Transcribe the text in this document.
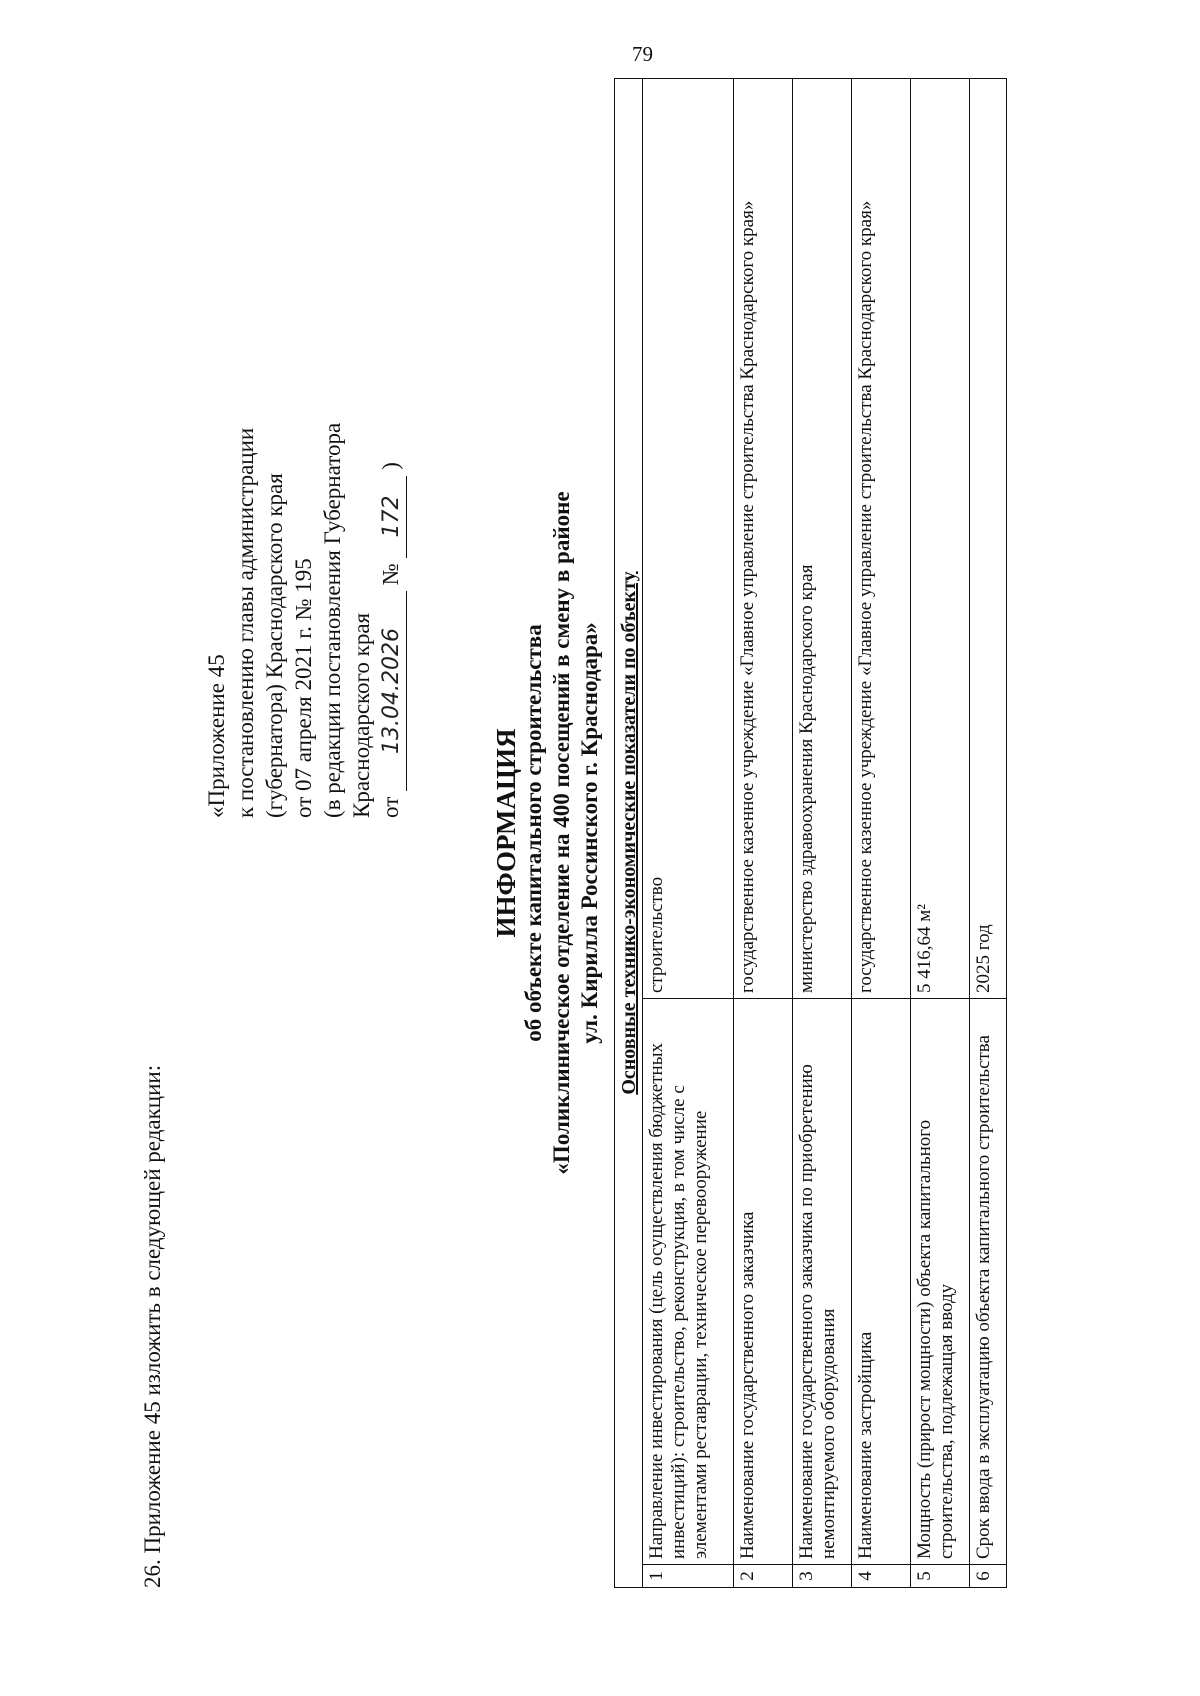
79
26. Приложение 45 изложить в следующей редакции:
«Приложение 45 к постановлению главы администрации (губернатора) Краснодарского края от 07 апреля 2021 г. № 195 (в редакции постановления Губернатора Краснодарского края от 13.04.2026 № 172 )
ИНФОРМАЦИЯ об объекте капитального строительства «Поликлиническое отделение на 400 посещений в смену в районе ул. Кирилла Россинского г. Краснодара» Основные технико-экономические показатели по объекту		
1	Направление инвестирования (цель осуществления бюджетных инвестиций): строительство, реконструкция, в том числе с элементами реставрации, техническое перевооружение	строительство
2	Наименование государственного заказчика	государственное казенное учреждение «Главное управление строительства Краснодарского края»
3	Наименование государственного заказчика по приобретению немонтируемого оборудования	министерство здравоохранения Краснодарского края
4	Наименование застройщика	государственное казенное учреждение «Главное управление строительства Краснодарского края»
5	Мощность (прирост мощности) объекта капитального строительства, подлежащая вводу	5 416,64 м²
6	Срок ввода в эксплуатацию объекта капитального строительства	2025 год
